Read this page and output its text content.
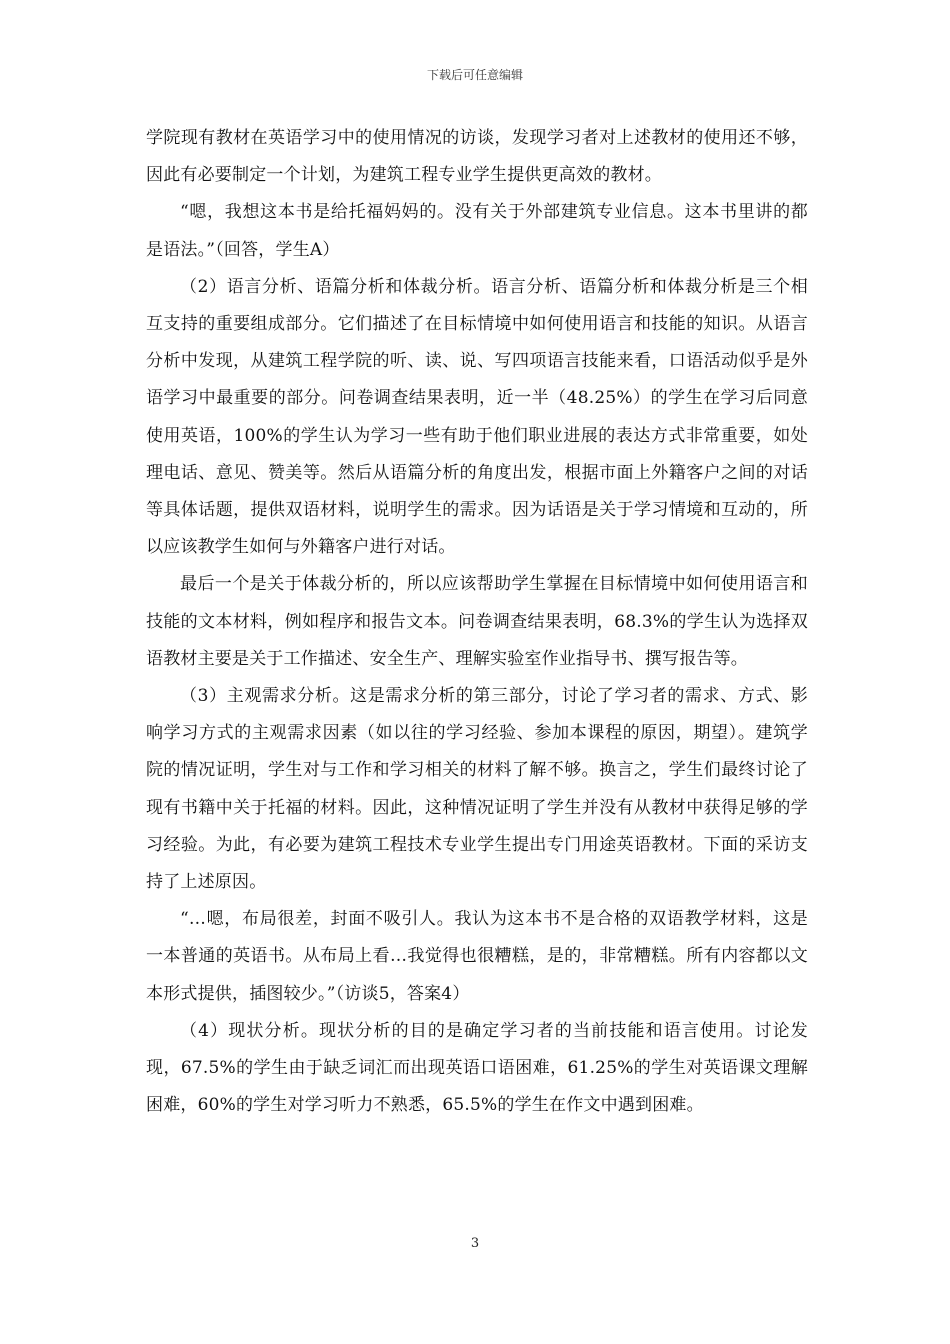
下载后可任意编辑

学院现有教材在英语学习中的使用情况的访谈，发现学习者对上述教材的使用还不够，因此有必要制定一个计划，为建筑工程专业学生提供更高效的教材。

“嗯，我想这本书是给托福妈妈的。没有关于外部建筑专业信息。这本书里讲的都是语法。”（回答，学生A）

（2）语言分析、语篇分析和体裁分析。语言分析、语篇分析和体裁分析是三个相互支持的重要组成部分。它们描述了在目标情境中如何使用语言和技能的知识。从语言分析中发现，从建筑工程学院的听、读、说、写四项语言技能来看，口语活动似乎是外语学习中最重要的部分。问卷调查结果表明，近一半（48.25%）的学生在学习后同意使用英语，100%的学生认为学习一些有助于他们职业进展的表达方式非常重要，如处理电话、意见、赞美等。然后从语篇分析的角度出发，根据市面上外籍客户之间的对话等具体话题，提供双语材料，说明学生的需求。因为话语是关于学习情境和互动的，所以应该教学生如何与外籍客户进行对话。

最后一个是关于体裁分析的，所以应该帮助学生掌握在目标情境中如何使用语言和技能的文本材料，例如程序和报告文本。问卷调查结果表明，68.3%的学生认为选择双语教材主要是关于工作描述、安全生产、理解实验室作业指导书、撰写报告等。

（3）主观需求分析。这是需求分析的第三部分，讨论了学习者的需求、方式、影响学习方式的主观需求因素（如以往的学习经验、参加本课程的原因，期望）。建筑学院的情况证明，学生对与工作和学习相关的材料了解不够。换言之，学生们最终讨论了现有书籍中关于托福的材料。因此，这种情况证明了学生并没有从教材中获得足够的学习经验。为此，有必要为建筑工程技术专业学生提出专门用途英语教材。下面的采访支持了上述原因。

“…嗯，布局很差，封面不吸引人。我认为这本书不是合格的双语教学材料，这是一本普通的英语书。从布局上看…我觉得也很糟糕，是的，非常糟糕。所有内容都以文本形式提供，插图较少。”（访谈5，答案4）

（4）现状分析。现状分析的目的是确定学习者的当前技能和语言使用。讨论发现，67.5%的学生由于缺乏词汇而出现英语口语困难，61.25%的学生对英语课文理解困难，60%的学生对学习听力不熟悉，65.5%的学生在作文中遇到困难。

3
